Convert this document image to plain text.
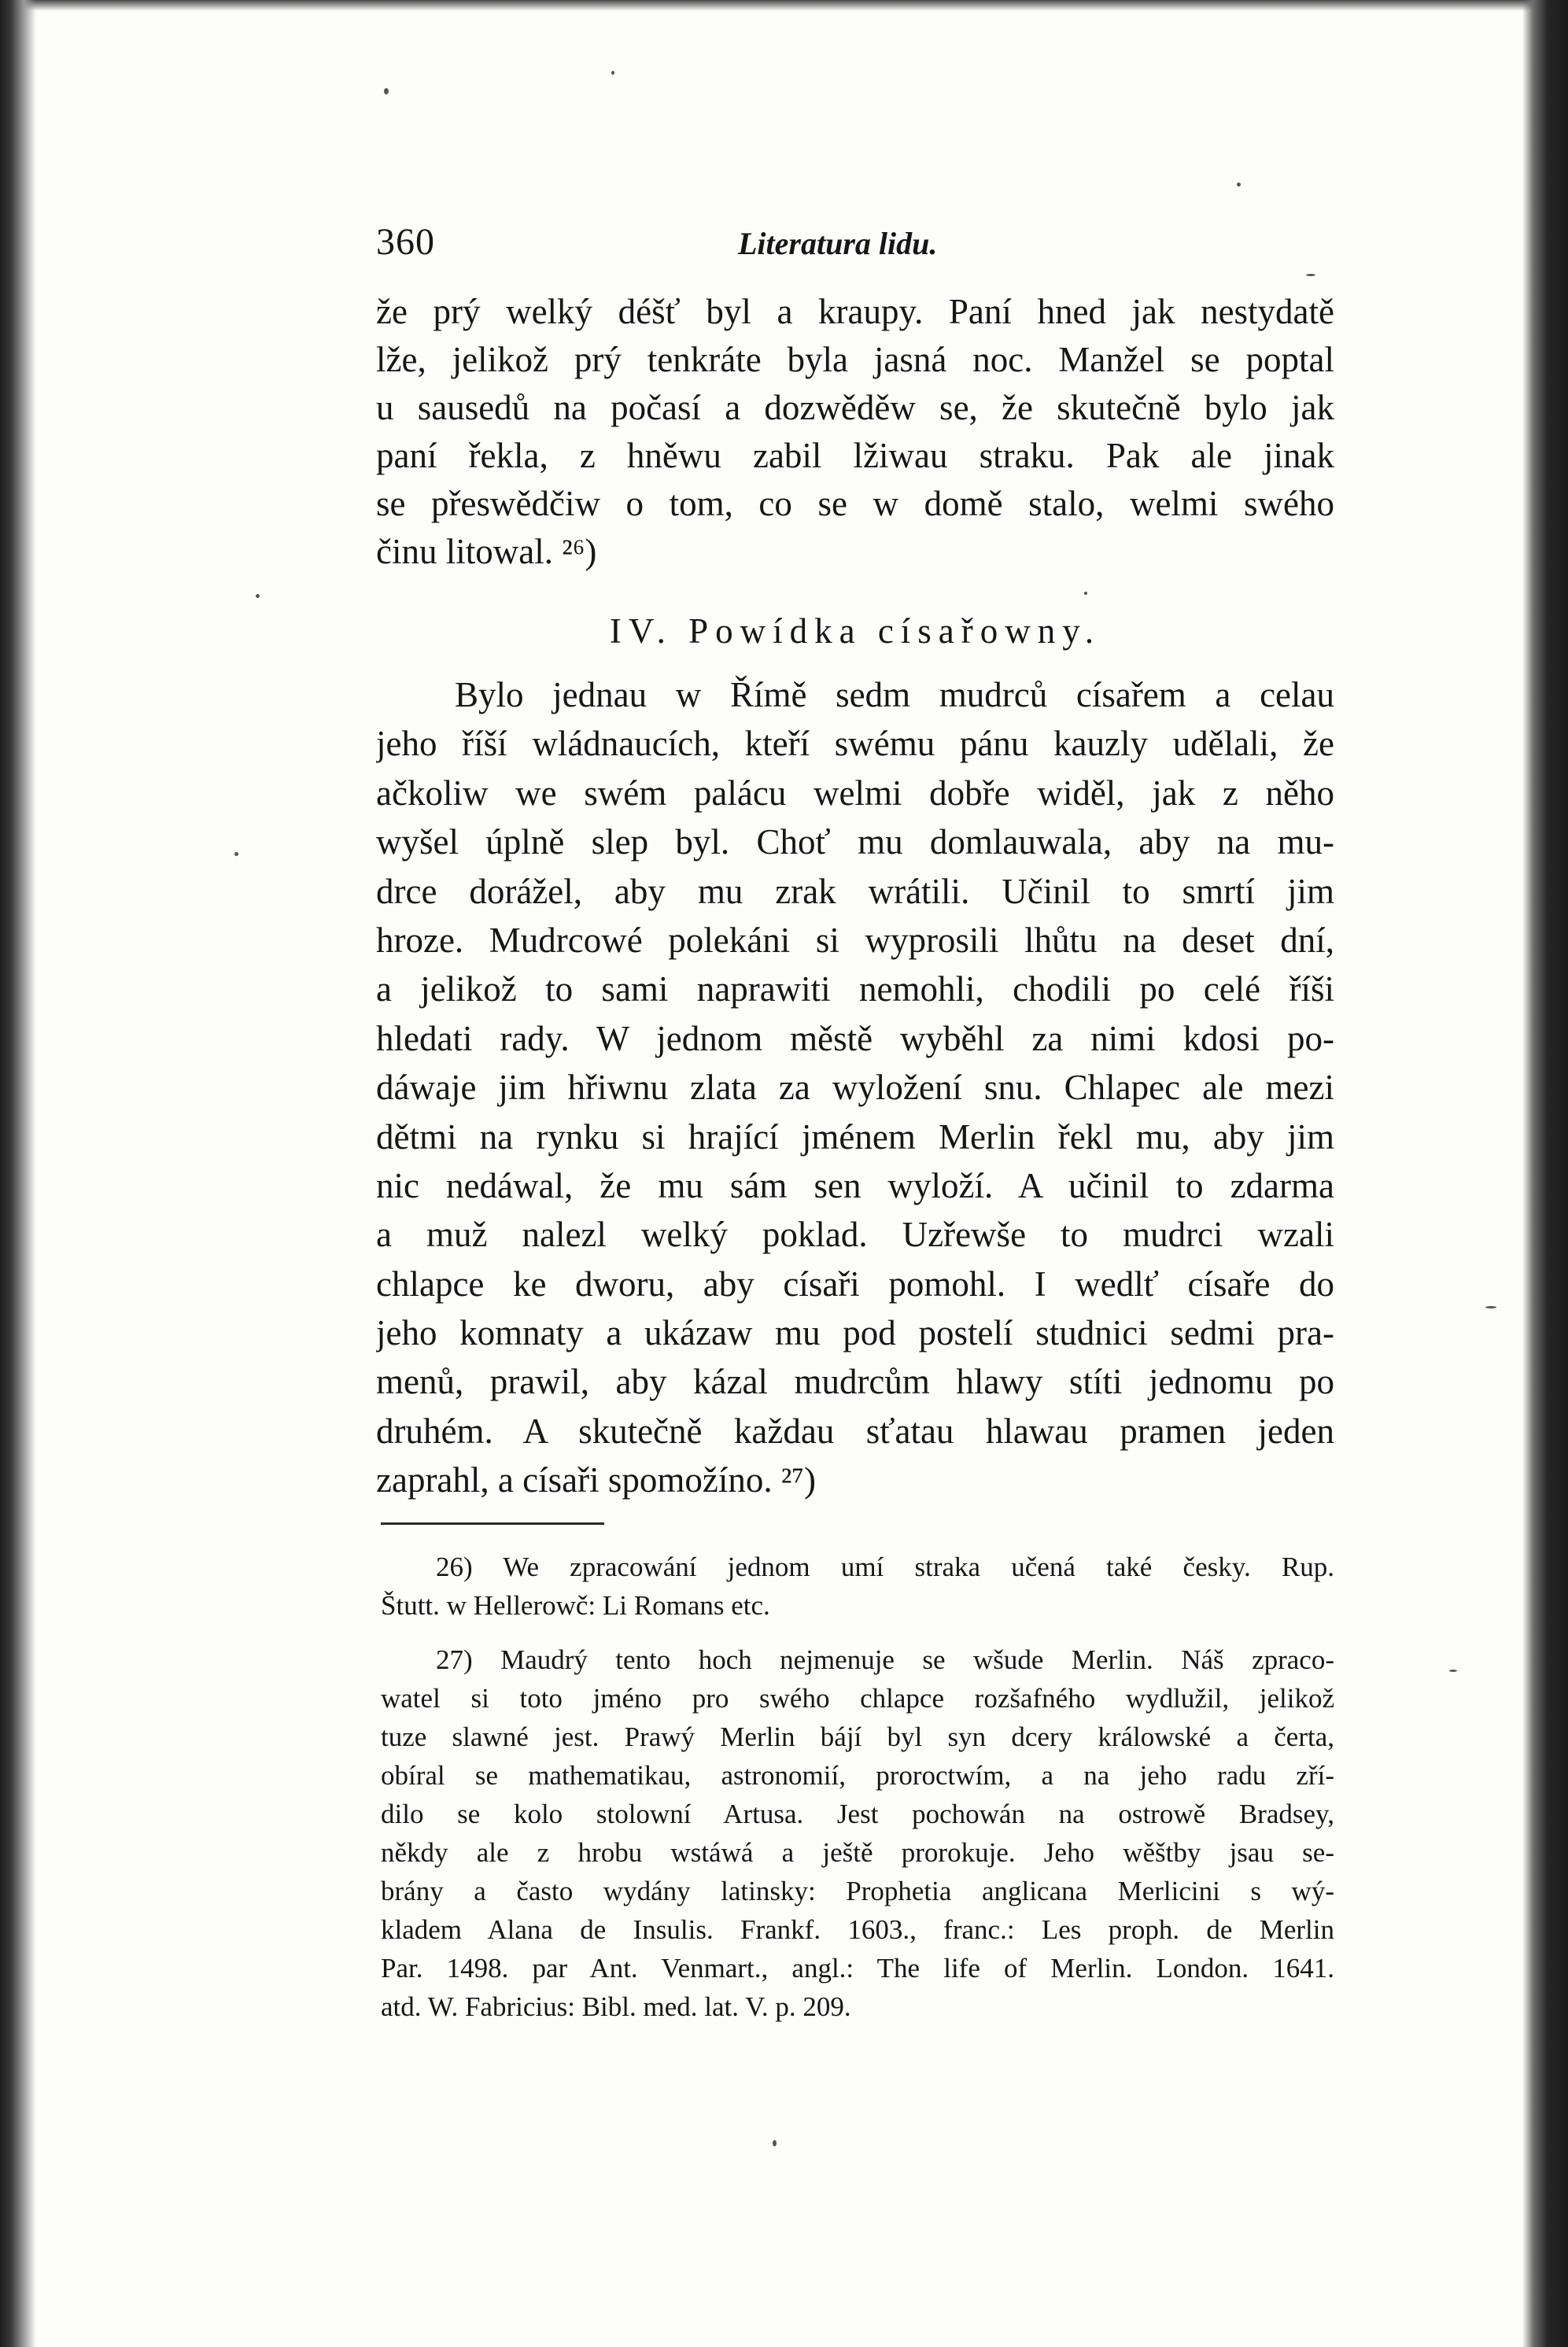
360	Literatura lidu.
že prý welký déšť byl a kraupy. Paní hned jak nestydatě
lže, jelikož prý tenkráte byla jasná noc. Manžel se poptal
u sausedů na počasí a dozwěděw se, že skutečně bylo jak
paní řekla, z hněwu zabil lžiwau straku. Pak ale jinak
se přeswědčiw o tom, co se w domě stalo, welmi swého
činu litowal. ²⁶)
IV. Powídka císařowny.
Bylo jednau w Římě sedm mudrců císařem a celau
jeho říší wládnaucích, kteří swému pánu kauzly udělali, že
ačkoliw we swém palácu welmi dobře widěl, jak z něho
wyšel úplně slep byl. Choť mu domlauwala, aby na mu-
drce dorážel, aby mu zrak wrátili. Učinil to smrtí jim
hroze. Mudrcowé polekáni si wyprosili lhůtu na deset dní,
a jelikož to sami naprawiti nemohli, chodili po celé říši
hledati rady. W jednom městě wyběhl za nimi kdosi po-
dáwaje jim hřiwnu zlata za wyložení snu. Chlapec ale mezi
dětmi na rynku si hrající jménem Merlin řekl mu, aby jim
nic nedáwal, že mu sám sen wyloží. A učinil to zdarma
a muž nalezl welký poklad. Uzřewše to mudrci wzali
chlapce ke dworu, aby císaři pomohl. I wedlť císaře do
jeho komnaty a ukázaw mu pod postelí studnici sedmi pra-
menů, prawil, aby kázal mudrcům hlawy stíti jednomu po
druhém. A skutečně každau sťatau hlawau pramen jeden
zaprahl, a císaři spomožíno. ²⁷)
26) We zpracowání jednom umí straka učená také česky. Rup.
Štutt. w Hellerowč: Li Romans etc.
27) Maudrý tento hoch nejmenuje se wšude Merlin. Náš zpraco-
watel si toto jméno pro swého chlapce rozšafného wydlužil, jelikož
tuze slawné jest. Prawý Merlin bájí byl syn dcery králowské a čerta,
obíral se mathematikau, astronomií, proroctwím, a na jeho radu zří-
dilo se kolo stolowní Artusa. Jest pochowán na ostrowě Bradsey,
někdy ale z hrobu wstáwá a ještě prorokuje. Jeho wěštby jsau se-
brány a často wydány latinsky: Prophetia anglicana Merlicini s wý-
kladem Alana de Insulis. Frankf. 1603., franc.: Les proph. de Merlin
Par. 1498. par Ant. Venmart., angl.: The life of Merlin. London. 1641.
atd. W. Fabricius: Bibl. med. lat. V. p. 209.
